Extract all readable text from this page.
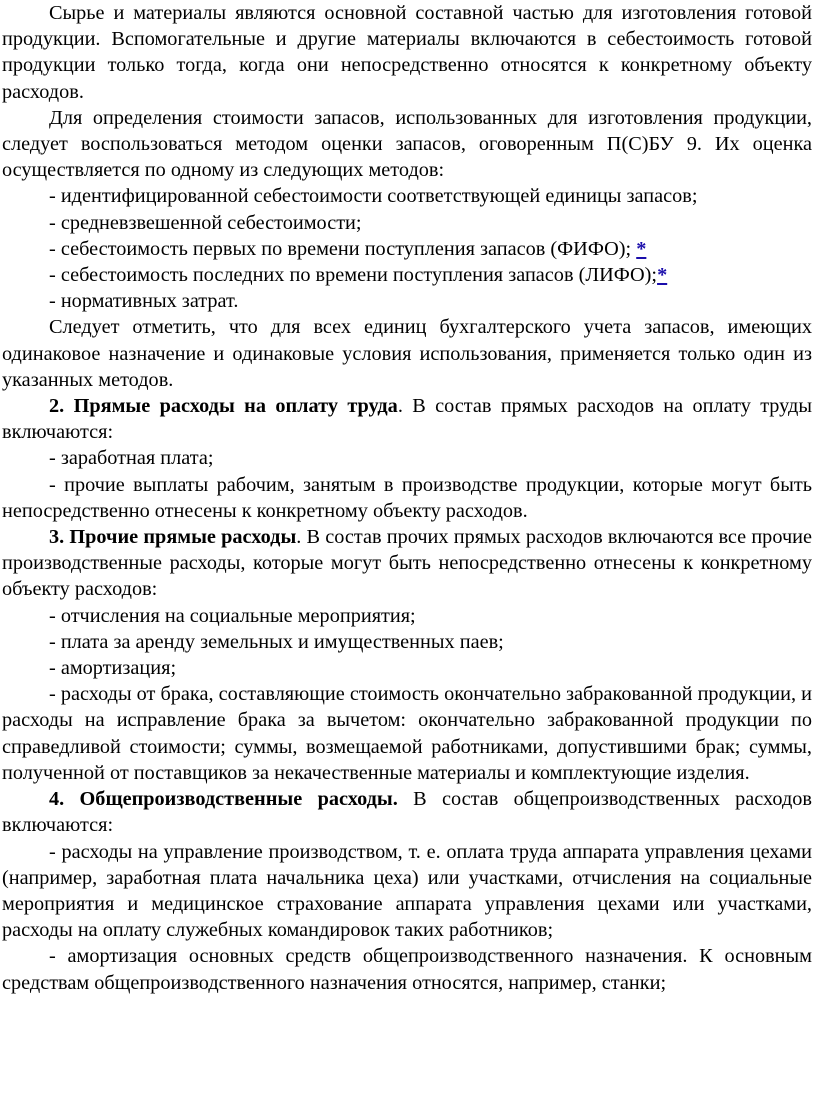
Сырье и материалы являются основной составной частью для изготовления готовой продукции. Вспомогательные и другие материалы включаются в себестоимость готовой продукции только тогда, когда они непосредственно относятся к конкретному объекту расходов.

Для определения стоимости запасов, использованных для изготовления продукции, следует воспользоваться методом оценки запасов, оговоренным П(С)БУ 9. Их оценка осуществляется по одному из следующих методов:

- идентифицированной себестоимости соответствующей единицы запасов;

- средневзвешенной себестоимости;

- себестоимость первых по времени поступления запасов (ФИФО); *

- себестоимость последних по времени поступления запасов (ЛИФО);*

- нормативных затрат.

Следует отметить, что для всех единиц бухгалтерского учета запасов, имеющих одинаковое назначение и одинаковые условия использования, применяется только один из указанных методов.

2. Прямые расходы на оплату труда. В состав прямых расходов на оплату труды включаются:

- заработная плата;

- прочие выплаты рабочим, занятым в производстве продукции, которые могут быть непосредственно отнесены к конкретному объекту расходов.

3. Прочие прямые расходы. В состав прочих прямых расходов включаются все прочие производственные расходы, которые могут быть непосредственно отнесены к конкретному объекту расходов:

- отчисления на социальные мероприятия;

- плата за аренду земельных и имущественных паев;

- амортизация;

- расходы от брака, составляющие стоимость окончательно забракованной продукции, и расходы на исправление брака за вычетом: окончательно забракованной продукции по справедливой стоимости; суммы, возмещаемой работниками, допустившими брак; суммы, полученной от поставщиков за некачественные материалы и комплектующие изделия.

4. Общепроизводственные расходы. В состав общепроизводственных расходов включаются:

- расходы на управление производством, т. е. оплата труда аппарата управления цехами (например, заработная плата начальника цеха) или участками, отчисления на социальные мероприятия и медицинское страхование аппарата управления цехами или участками, расходы на оплату служебных командировок таких работников;

- амортизация основных средств общепроизводственного назначения. К основным средствам общепроизводственного назначения относятся, например, станки;
